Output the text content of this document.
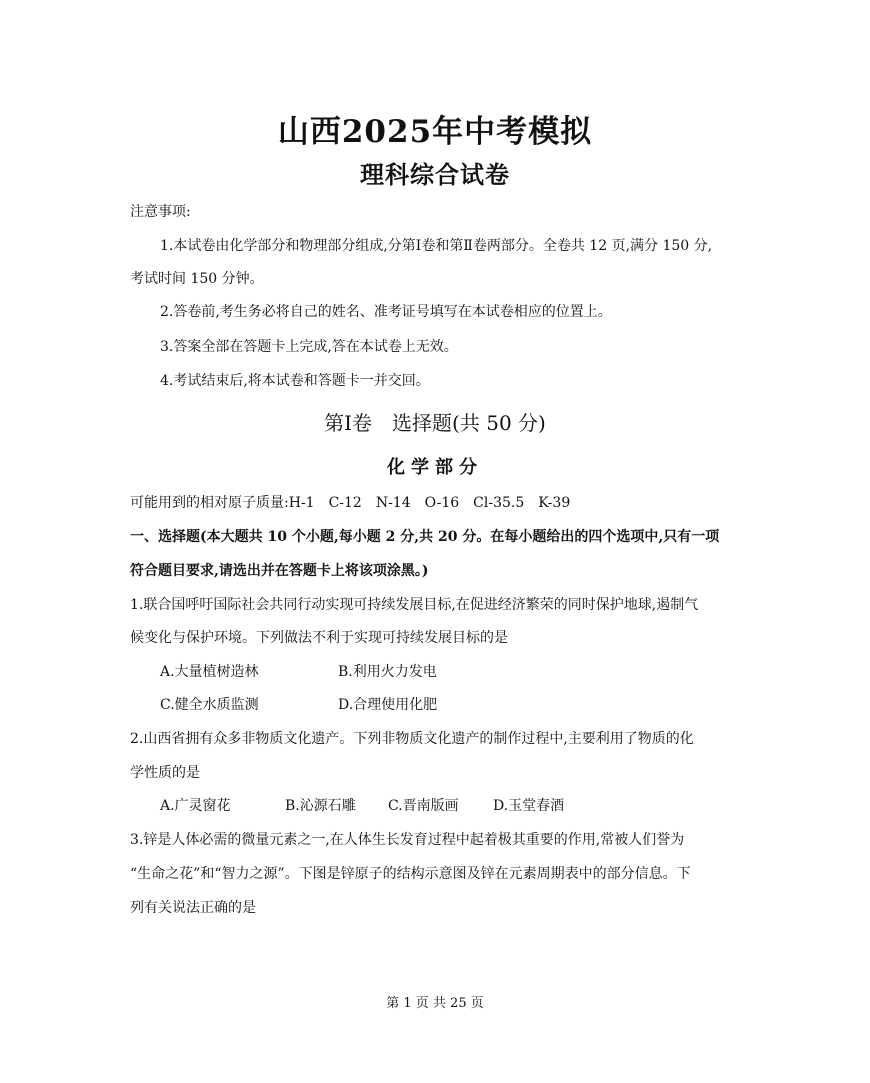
山西2025年中考模拟
理科综合试卷
注意事项:
1.本试卷由化学部分和物理部分组成,分第Ⅰ卷和第Ⅱ卷两部分。全卷共 12 页,满分 150 分,
考试时间 150 分钟。
2.答卷前,考生务必将自己的姓名、准考证号填写在本试卷相应的位置上。
3.答案全部在答题卡上完成,答在本试卷上无效。
4.考试结束后,将本试卷和答题卡一并交回。
第Ⅰ卷　选择题(共 50 分)
化学部分
可能用到的相对原子质量:H-1　C-12　N-14　O-16　Cl-35.5　K-39
一、选择题(本大题共 10 个小题,每小题 2 分,共 20 分。在每小题给出的四个选项中,只有一项
符合题目要求,请选出并在答题卡上将该项涂黑。)
1.联合国呼吁国际社会共同行动实现可持续发展目标,在促进经济繁荣的同时保护地球,遏制气
候变化与保护环境。下列做法不利于实现可持续发展目标的是
A.大量植树造林	B.利用火力发电
C.健全水质监测	D.合理使用化肥
2.山西省拥有众多非物质文化遗产。下列非物质文化遗产的制作过程中,主要利用了物质的化
学性质的是
A.广灵窗花	B.沁源石雕 C.晋南版画 D.玉堂春酒
3.锌是人体必需的微量元素之一,在人体生长发育过程中起着极其重要的作用,常被人们誉为
“生命之花”和“智力之源”。下图是锌原子的结构示意图及锌在元素周期表中的部分信息。下
列有关说法正确的是
第 1 页 共 25 页
